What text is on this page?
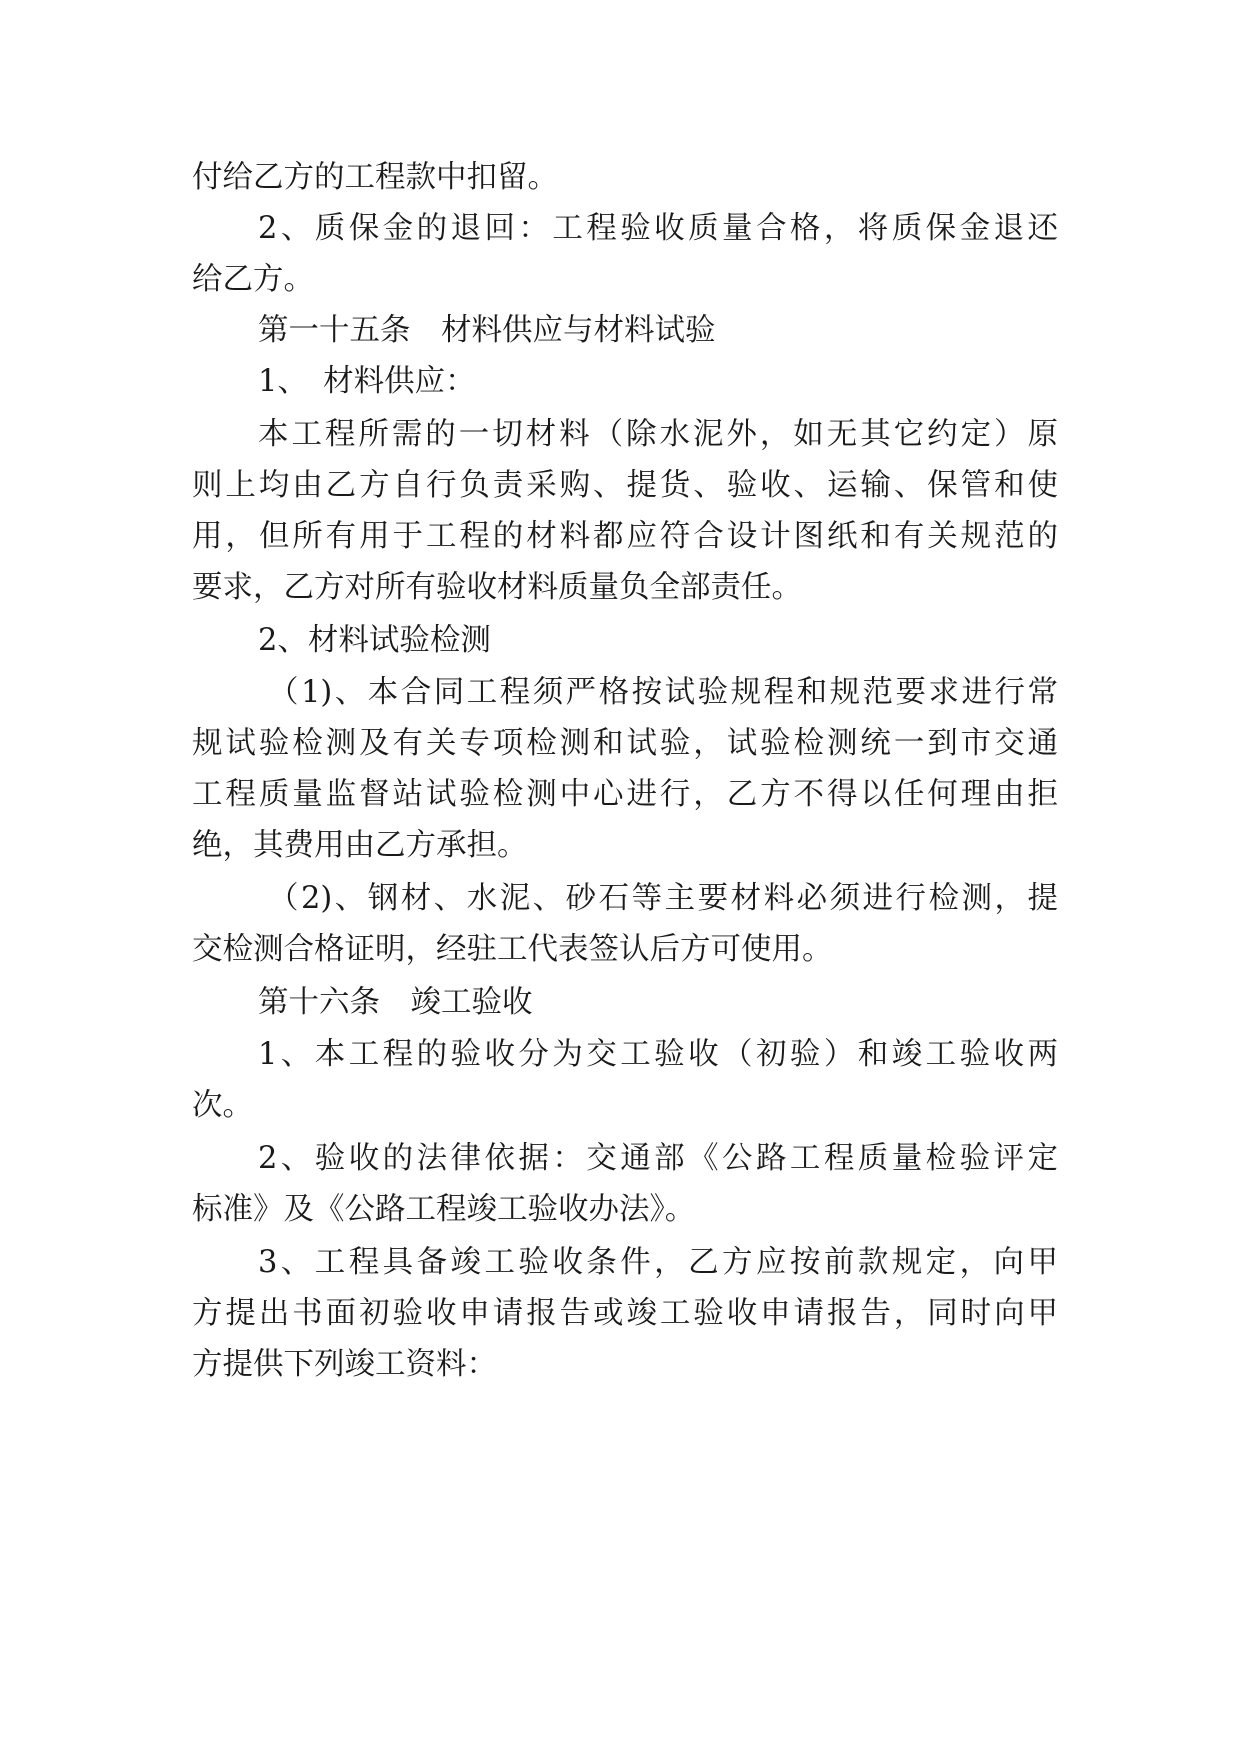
付给乙方的工程款中扣留。
2、质保金的退回：工程验收质量合格，将质保金退还
给乙方。
第一十五条　材料供应与材料试验
1、　材料供应：
本工程所需的一切材料（除水泥外，如无其它约定）原
则上均由乙方自行负责采购、提货、验收、运输、保管和使
用，但所有用于工程的材料都应符合设计图纸和有关规范的
要求，乙方对所有验收材料质量负全部责任。
2、材料试验检测
（1)、本合同工程须严格按试验规程和规范要求进行常
规试验检测及有关专项检测和试验，试验检测统一到市交通
工程质量监督站试验检测中心进行，乙方不得以任何理由拒
绝，其费用由乙方承担。
（2)、钢材、水泥、砂石等主要材料必须进行检测，提
交检测合格证明，经驻工代表签认后方可使用。
第十六条　竣工验收
1、本工程的验收分为交工验收（初验）和竣工验收两
次。
2、验收的法律依据：交通部《公路工程质量检验评定
标准》及《公路工程竣工验收办法》。
3、工程具备竣工验收条件，乙方应按前款规定，向甲
方提出书面初验收申请报告或竣工验收申请报告，同时向甲
方提供下列竣工资料：
